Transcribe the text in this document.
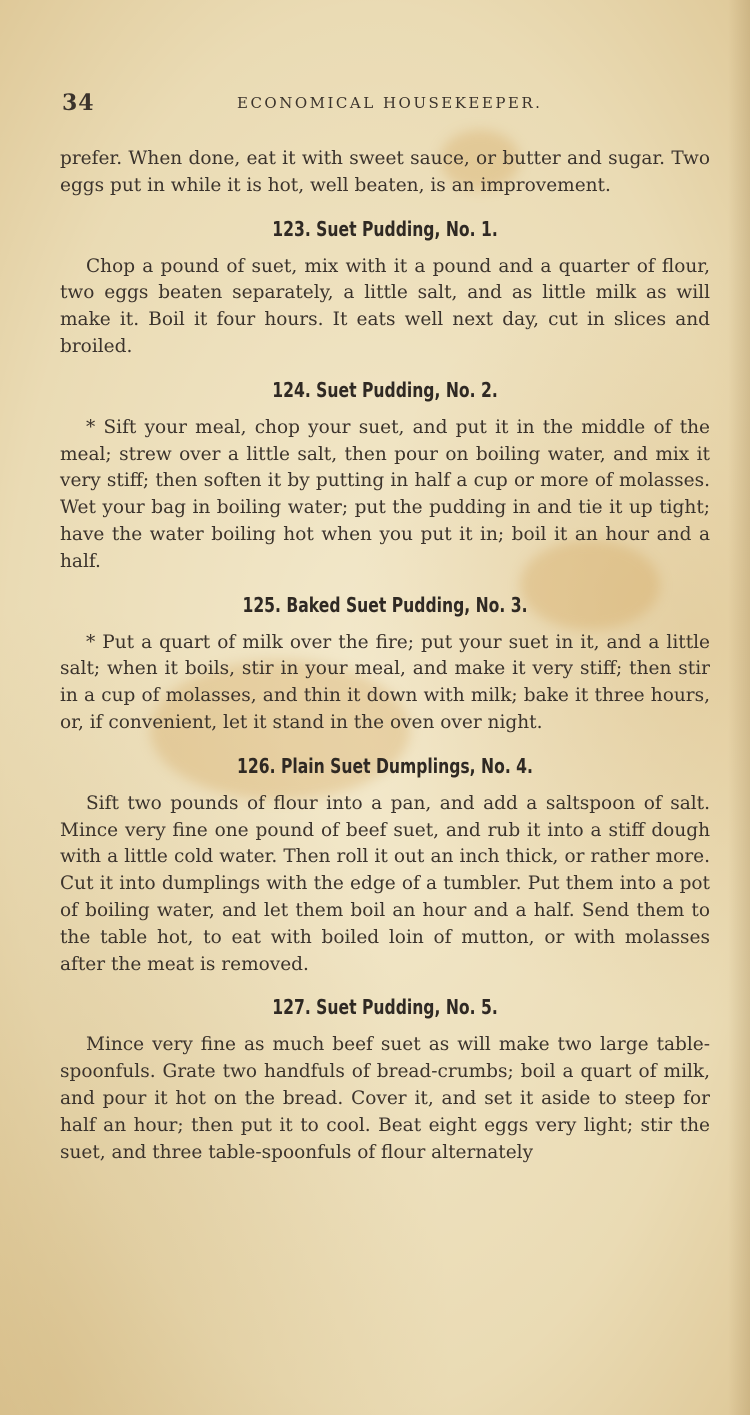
34	ECONOMICAL HOUSEKEEPER.

prefer. When done, eat it with sweet sauce, or butter and sugar. Two eggs put in while it is hot, well beaten, is an improvement.

123. Suet Pudding, No. 1.

Chop a pound of suet, mix with it a pound and a quarter of flour, two eggs beaten separately, a little salt, and as little milk as will make it. Boil it four hours. It eats well next day, cut in slices and broiled.

124. Suet Pudding, No. 2.

* Sift your meal, chop your suet, and put it in the middle of the meal; strew over a little salt, then pour on boiling water, and mix it very stiff; then soften it by putting in half a cup or more of molasses. Wet your bag in boiling water; put the pudding in and tie it up tight; have the water boiling hot when you put it in; boil it an hour and a half.

125. Baked Suet Pudding, No. 3.

* Put a quart of milk over the fire; put your suet in it, and a little salt; when it boils, stir in your meal, and make it very stiff; then stir in a cup of molasses, and thin it down with milk; bake it three hours, or, if convenient, let it stand in the oven over night.

126. Plain Suet Dumplings, No. 4.

Sift two pounds of flour into a pan, and add a saltspoon of salt. Mince very fine one pound of beef suet, and rub it into a stiff dough with a little cold water. Then roll it out an inch thick, or rather more. Cut it into dumplings with the edge of a tumbler. Put them into a pot of boiling water, and let them boil an hour and a half. Send them to the table hot, to eat with boiled loin of mutton, or with molasses after the meat is removed.

127. Suet Pudding, No. 5.

Mince very fine as much beef suet as will make two large table-spoonfuls. Grate two handfuls of bread-crumbs; boil a quart of milk, and pour it hot on the bread. Cover it, and set it aside to steep for half an hour; then put it to cool. Beat eight eggs very light; stir the suet, and three table-spoonfuls of flour alternately
